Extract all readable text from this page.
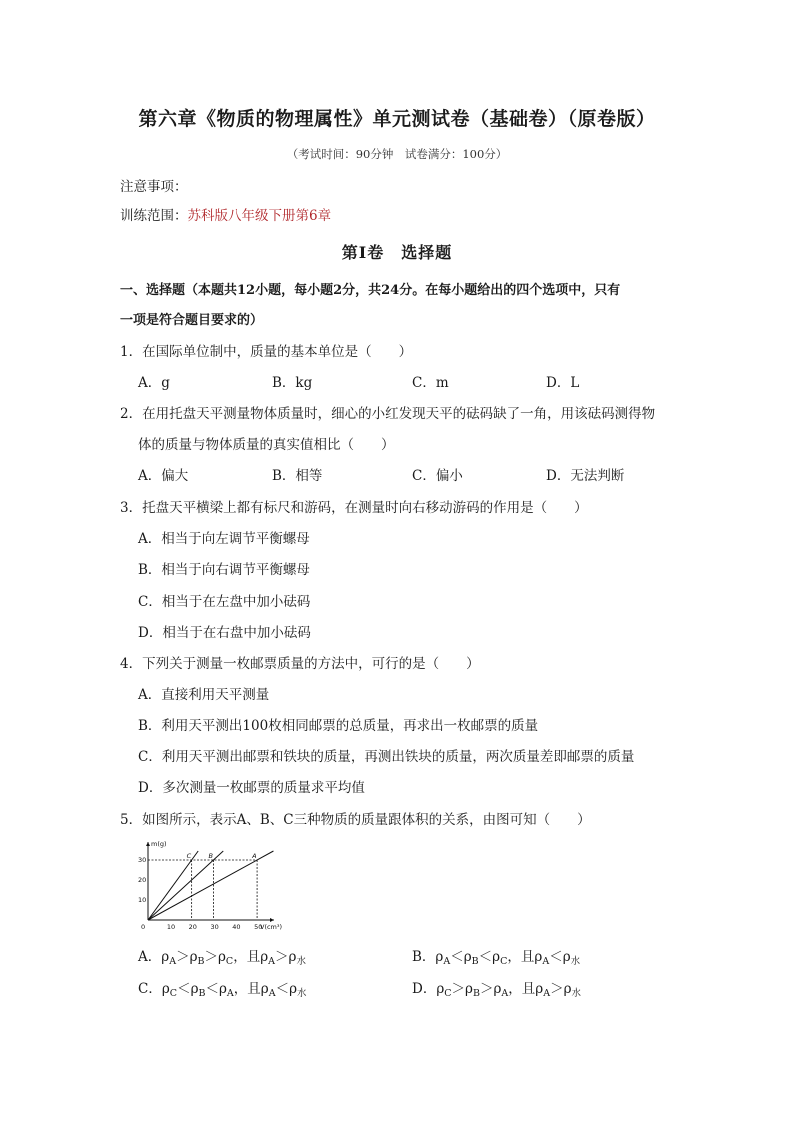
第六章《物质的物理属性》单元测试卷（基础卷）（原卷版）
（考试时间：90分钟　试卷满分：100分）
注意事项：
训练范围：苏科版八年级下册第6章
第Ⅰ卷　选择题
一、选择题（本题共12小题，每小题2分，共24分。在每小题给出的四个选项中，只有
一项是符合题目要求的）
1．在国际单位制中，质量的基本单位是（　　）
A．g	B．kg	C．m	D．L
2．在用托盘天平测量物体质量时，细心的小红发现天平的砝码缺了一角，用该砝码测得物
体的质量与物体质量的真实值相比（　　）
A．偏大	B．相等	C．偏小	D．无法判断
3．托盘天平横梁上都有标尺和游码，在测量时向右移动游码的作用是（　　）
A．相当于向左调节平衡螺母
B．相当于向右调节平衡螺母
C．相当于在左盘中加小砝码
D．相当于在右盘中加小砝码
4．下列关于测量一枚邮票质量的方法中，可行的是（　　）
A．直接利用天平测量
B．利用天平测出100枚相同邮票的总质量，再求出一枚邮票的质量
C．利用天平测出邮票和铁块的质量，再测出铁块的质量，两次质量差即邮票的质量
D．多次测量一枚邮票的质量求平均值
5．如图所示，表示A、B、C三种物质的质量跟体积的关系，由图可知（　　）
m(g)
V(cm³)
0	10 20 30 40 50
10
20
30	C	B	A
A．$\rho_A>\rho_B>\rho_C$，且$\rho_A>\rho_水$	B．$\rho_A<\rho_B<\rho_C$，且$\rho_A<\rho_水$
C．$\rho_C<\rho_B<\rho_A$，且$\rho_A<\rho_水$	D．$\rho_C>\rho_B>\rho_A$，且$\rho_A>\rho_水$
